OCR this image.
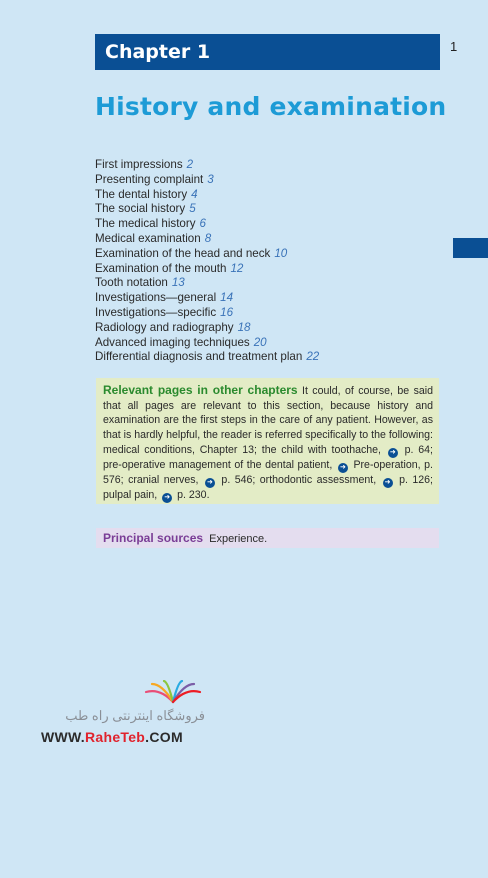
Chapter 1	1
History and examination
First impressions 2
Presenting complaint 3
The dental history 4
The social history 5
The medical history 6
Medical examination 8
Examination of the head and neck 10
Examination of the mouth 12
Tooth notation 13
Investigations—general 14
Investigations—specific 16
Radiology and radiography 18
Advanced imaging techniques 20
Differential diagnosis and treatment plan 22
Relevant pages in other chapters It could, of course, be said that all pages are relevant to this section, because history and examination are the first steps in the care of any patient. However, as that is hardly helpful, the reader is referred specifically to the following: medical conditions, Chapter 13; the child with toothache, ➜ p. 64; pre-operative management of the dental patient, ➜ Pre-operation, p. 576; cranial nerves, ➜ p. 546; orthodontic assessment, ➜ p. 126; pulpal pain, ➜ p. 230.
Principal sources Experience.
فروشگاه اینترنتی راه طب
WWW.RaheTeb.COM
